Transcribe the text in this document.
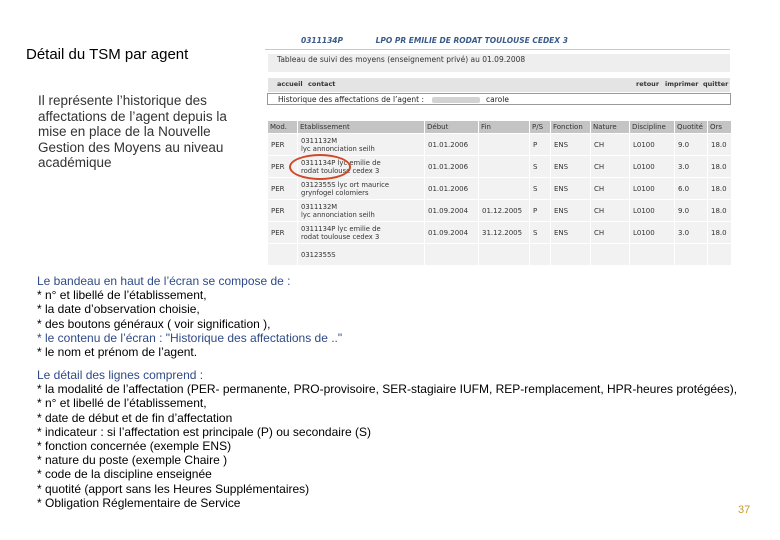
Détail du TSM par agent
Il représente l’historique des affectations de l’agent depuis la mise en place de la Nouvelle Gestion des Moyens au niveau académique
0311134P	LPO PR EMILIE DE RODAT TOULOUSE CEDEX 3
Tableau de suivi des moyens (enseignement privé) au 01.09.2008
accueil contact	retour imprimer quitter
Historique des affectations de l’agent :	carole
Mod.	Etablissement	Début	Fin	P/S	Fonction	Nature	Discipline	Quotité	Ors
PER	0311132M
lyc annonciation seilh	01.01.2006		P	ENS	CH	L0100	9.0	18.0
PER	0311134P lyc emilie de
rodat toulouse cedex 3	01.01.2006		S	ENS	CH	L0100	3.0	18.0
PER	0312355S lyc ort maurice
grynfogel colomiers	01.01.2006		S	ENS	CH	L0100	6.0	18.0
PER	0311132M
lyc annonciation seilh	01.09.2004	01.12.2005	P	ENS	CH	L0100	9.0	18.0
PER	0311134P lyc emilie de
rodat toulouse cedex 3	01.09.2004	31.12.2005	S	ENS	CH	L0100	3.0	18.0

	0312355S								

Le bandeau en haut de l’écran se compose de :
* n° et libellé de l’établissement,
* la date d’observation choisie,
* des boutons généraux ( voir signification ),
* le contenu de l’écran : "Historique des affectations de .."
* le nom et prénom de l’agent.
Le détail des lignes comprend :
* la modalité de l’affectation (PER- permanente, PRO-provisoire, SER-stagiaire IUFM, REP-remplacement, HPR-heures protégées),
* n° et libellé de l’établissement,
* date de début et de fin d’affectation
* indicateur : si l’affectation est principale (P) ou secondaire (S)
* fonction concernée (exemple ENS)
* nature du poste (exemple Chaire )
* code de la discipline enseignée
* quotité (apport sans les Heures Supplémentaires)
* Obligation Réglementaire de Service
37
